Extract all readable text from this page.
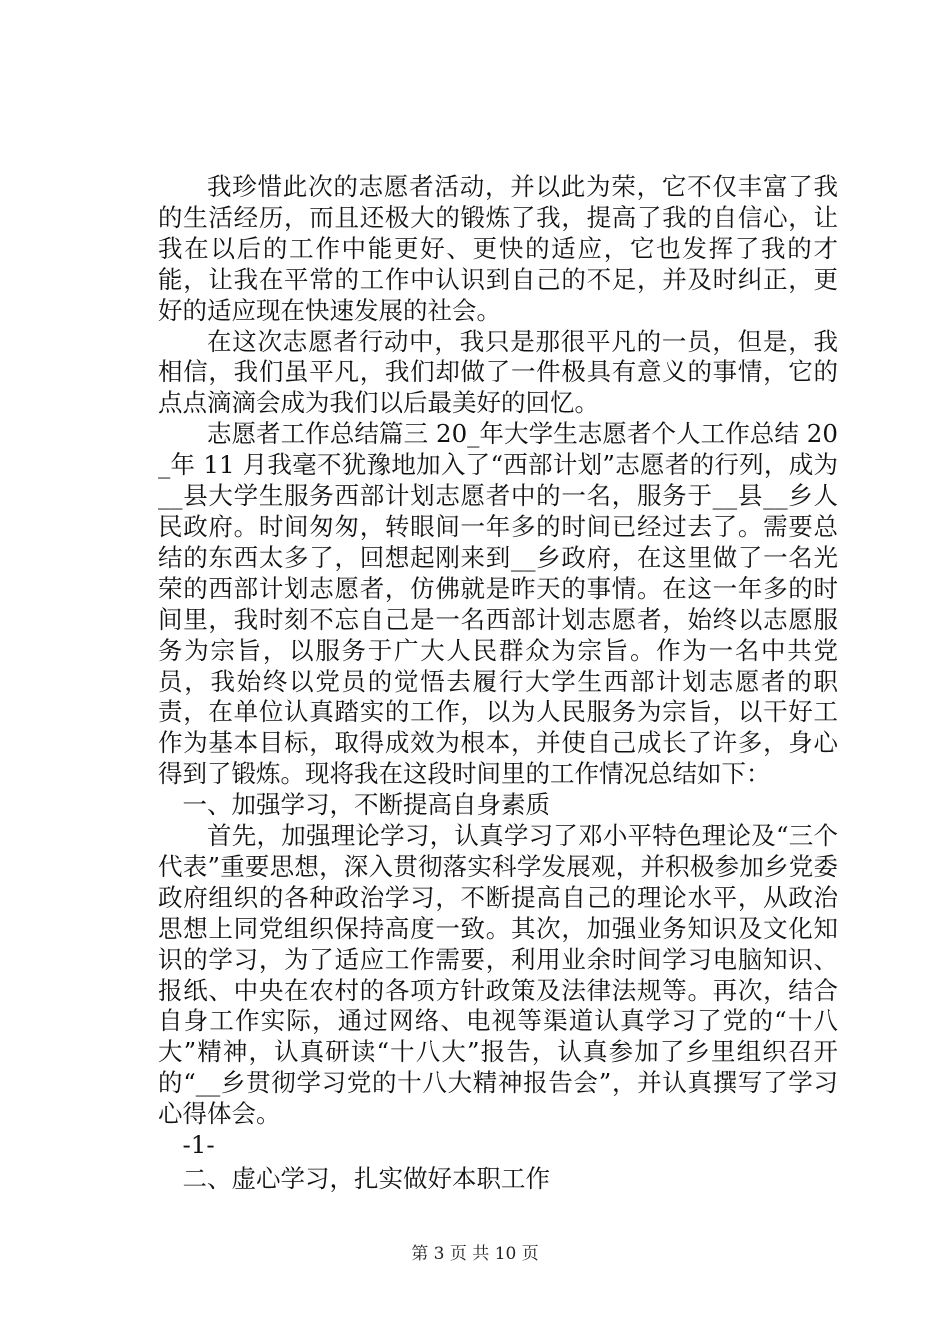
我珍惜此次的志愿者活动，并以此为荣，它不仅丰富了我的生活经历，而且还极大的锻炼了我，提高了我的自信心，让我在以后的工作中能更好、更快的适应，它也发挥了我的才能，让我在平常的工作中认识到自己的不足，并及时纠正，更好的适应现在快速发展的社会。

在这次志愿者行动中，我只是那很平凡的一员，但是，我相信，我们虽平凡，我们却做了一件极具有意义的事情，它的点点滴滴会成为我们以后最美好的回忆。

志愿者工作总结篇三 20_年大学生志愿者个人工作总结 20_年 11 月我毫不犹豫地加入了“西部计划”志愿者的行列，成为__县大学生服务西部计划志愿者中的一名，服务于__县__乡人民政府。时间匆匆，转眼间一年多的时间已经过去了。需要总结的东西太多了，回想起刚来到__乡政府，在这里做了一名光荣的西部计划志愿者，仿佛就是昨天的事情。在这一年多的时间里，我时刻不忘自己是一名西部计划志愿者，始终以志愿服务为宗旨，以服务于广大人民群众为宗旨。作为一名中共党员，我始终以党员的觉悟去履行大学生西部计划志愿者的职责，在单位认真踏实的工作，以为人民服务为宗旨，以干好工作为基本目标，取得成效为根本，并使自己成长了许多，身心得到了锻炼。现将我在这段时间里的工作情况总结如下：

一、加强学习，不断提高自身素质

首先，加强理论学习，认真学习了邓小平特色理论及“三个代表”重要思想，深入贯彻落实科学发展观，并积极参加乡党委政府组织的各种政治学习，不断提高自己的理论水平，从政治思想上同党组织保持高度一致。其次，加强业务知识及文化知识的学习，为了适应工作需要，利用业余时间学习电脑知识、报纸、中央在农村的各项方针政策及法律法规等。再次，结合自身工作实际，通过网络、电视等渠道认真学习了党的“十八大”精神，认真研读“十八大”报告，认真参加了乡里组织召开的“__乡贯彻学习党的十八大精神报告会”，并认真撰写了学习心得体会。

-1-

二、虚心学习，扎实做好本职工作

第 3 页 共 10 页
